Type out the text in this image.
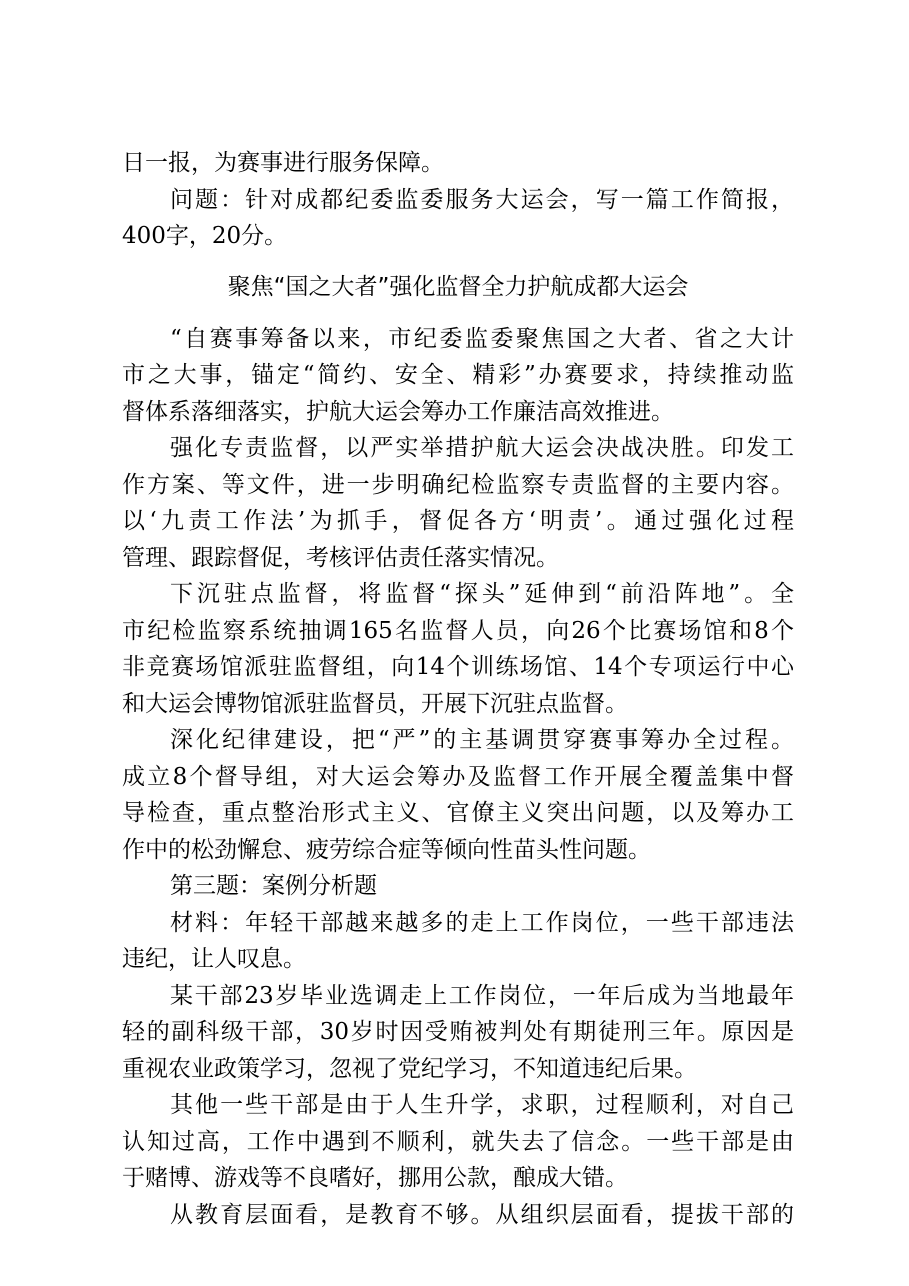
日一报，为赛事进行服务保障。
问题：针对成都纪委监委服务大运会，写一篇工作简报，
400字，20分。
聚焦“国之大者”强化监督全力护航成都大运会
“自赛事筹备以来，市纪委监委聚焦国之大者、省之大计
市之大事，锚定“简约、安全、精彩”办赛要求，持续推动监
督体系落细落实，护航大运会筹办工作廉洁高效推进。
强化专责监督，以严实举措护航大运会决战决胜。印发工
作方案、等文件，进一步明确纪检监察专责监督的主要内容。
以‘九责工作法’为抓手，督促各方‘明责’。通过强化过程
管理、跟踪督促，考核评估责任落实情况。
下沉驻点监督，将监督“探头”延伸到“前沿阵地”。全
市纪检监察系统抽调165名监督人员，向26个比赛场馆和8个
非竞赛场馆派驻监督组，向14个训练场馆、14个专项运行中心
和大运会博物馆派驻监督员，开展下沉驻点监督。
深化纪律建设，把“严”的主基调贯穿赛事筹办全过程。
成立8个督导组，对大运会筹办及监督工作开展全覆盖集中督
导检查，重点整治形式主义、官僚主义突出问题，以及筹办工
作中的松劲懈怠、疲劳综合症等倾向性苗头性问题。
第三题：案例分析题
材料：年轻干部越来越多的走上工作岗位，一些干部违法
违纪，让人叹息。
某干部23岁毕业选调走上工作岗位，一年后成为当地最年
轻的副科级干部，30岁时因受贿被判处有期徒刑三年。原因是
重视农业政策学习，忽视了党纪学习，不知道违纪后果。
其他一些干部是由于人生升学，求职，过程顺利，对自己
认知过高，工作中遇到不顺利，就失去了信念。一些干部是由
于赌博、游戏等不良嗜好，挪用公款，酿成大错。
从教育层面看，是教育不够。从组织层面看，提拔干部的
